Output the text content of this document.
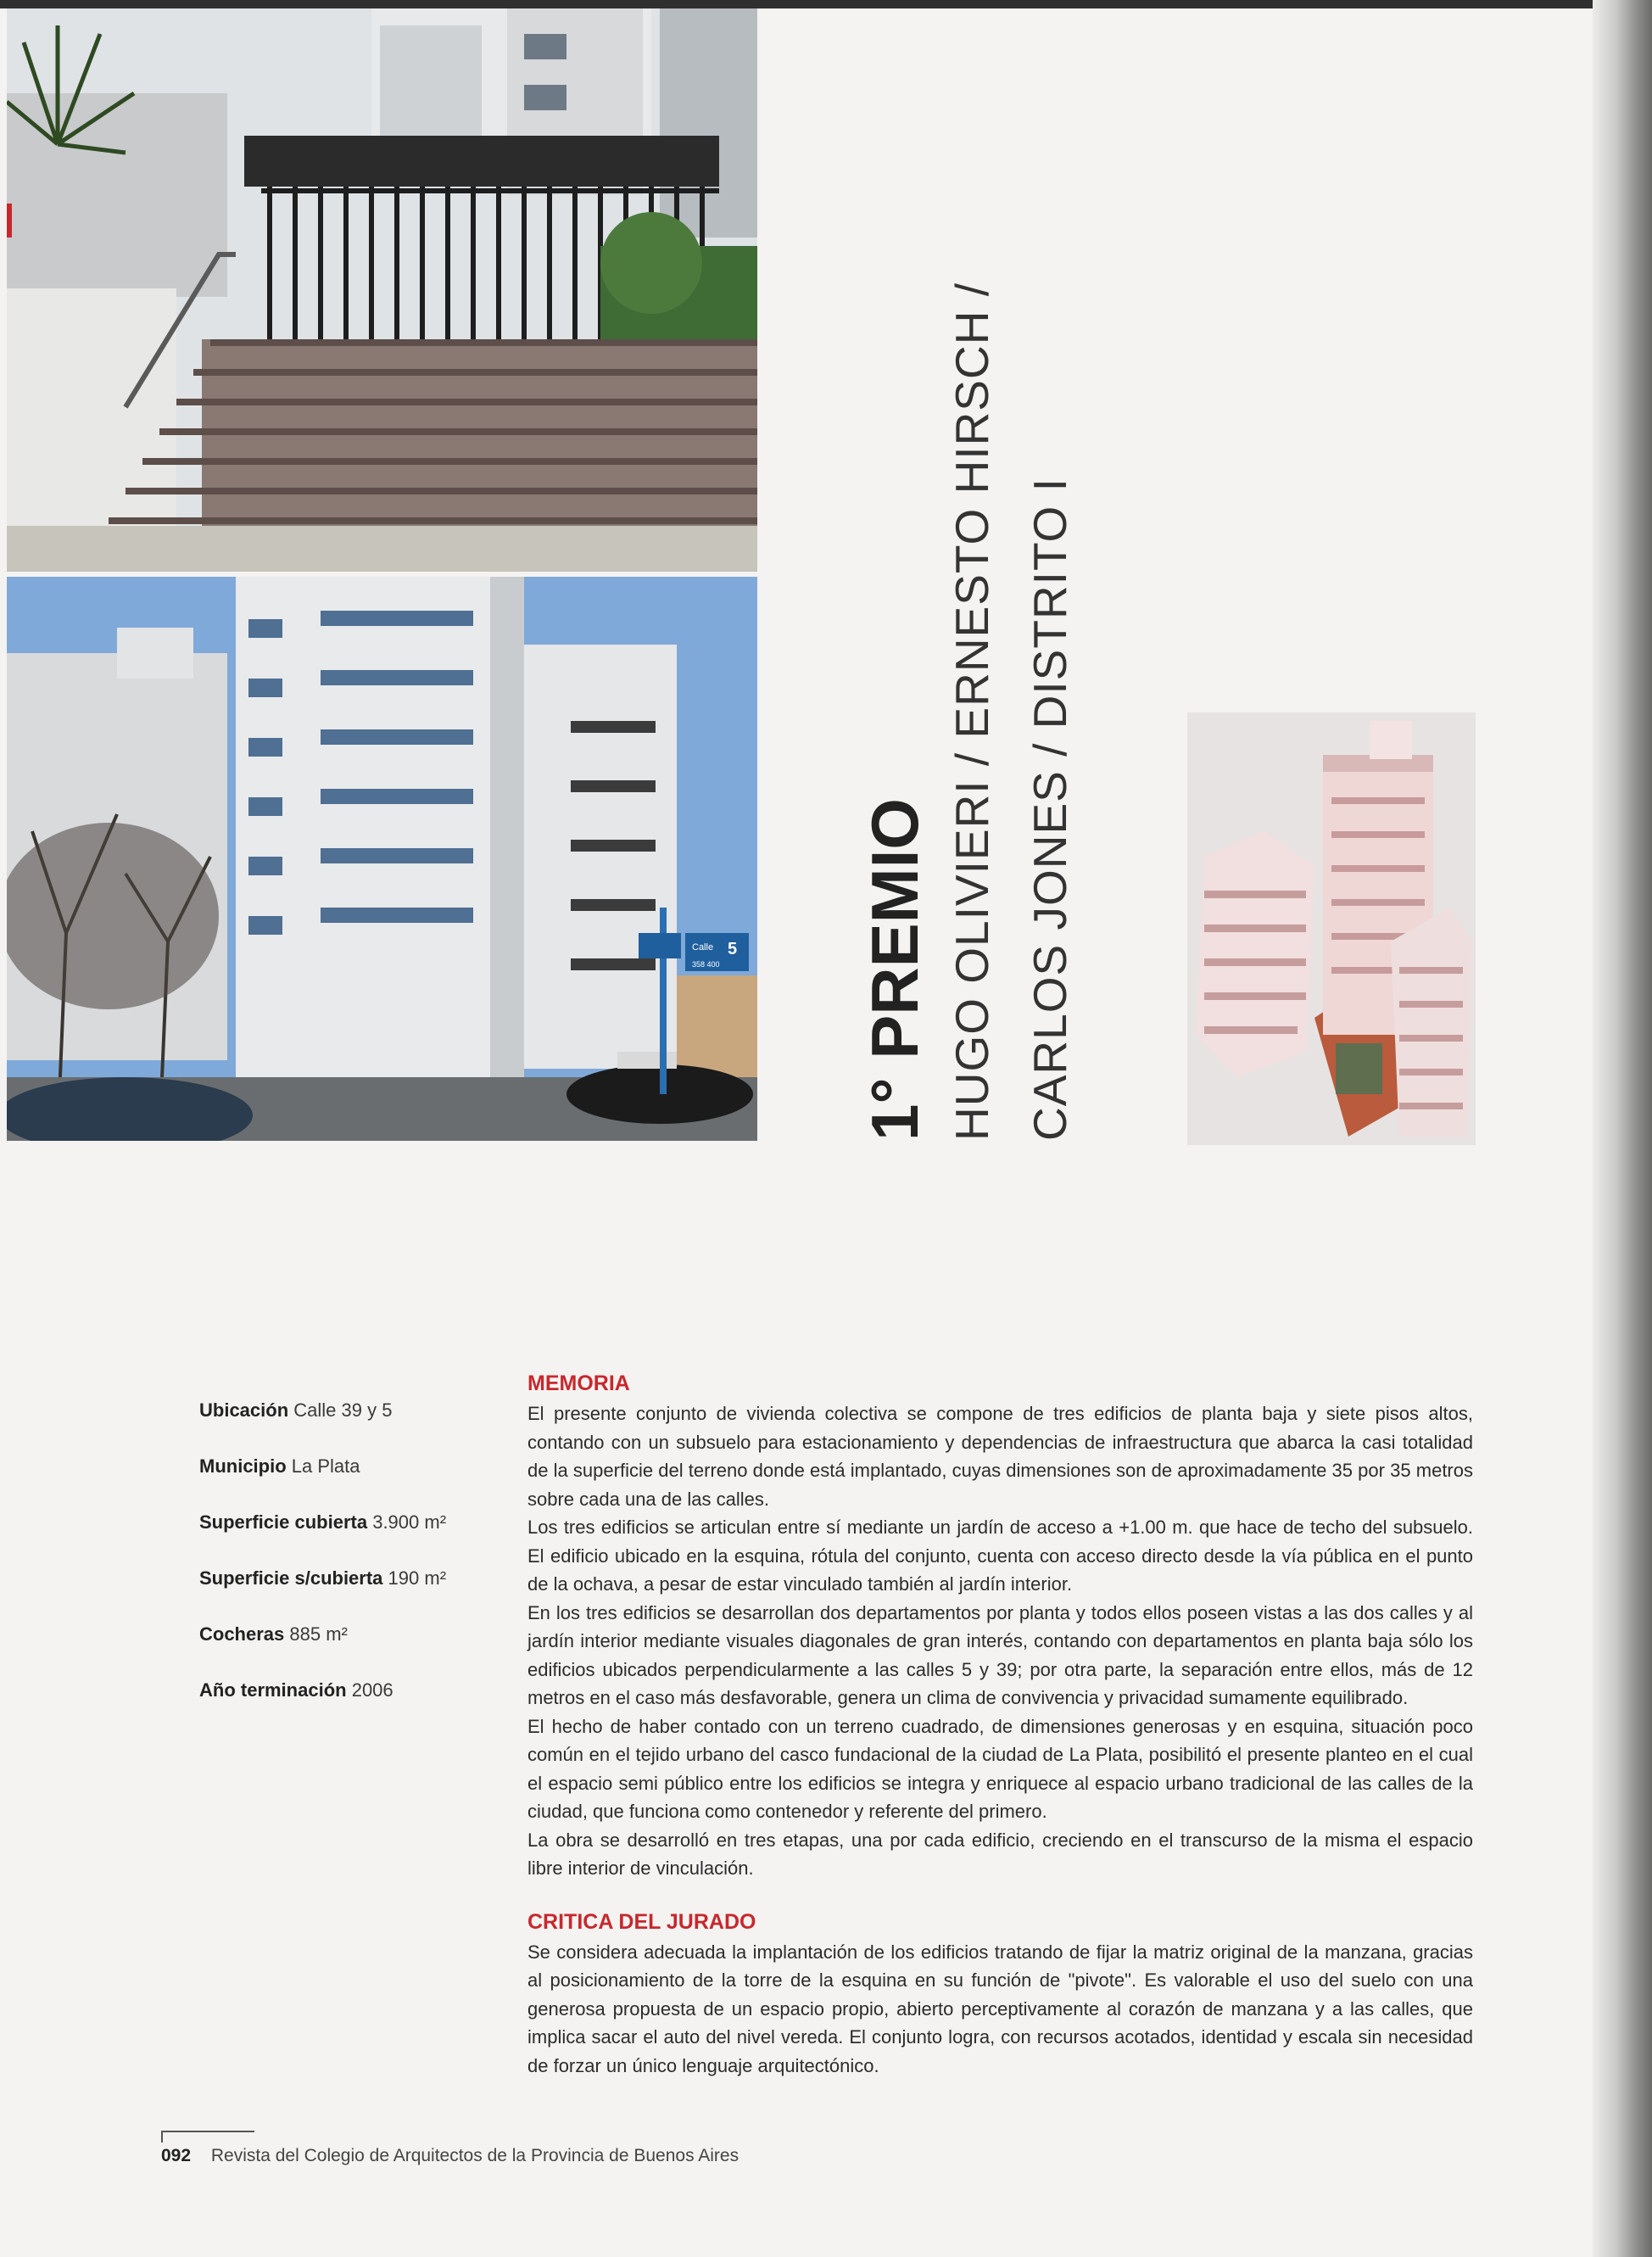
Calle 5
358 400 1° PREMIO HUGO OLIVIERI / ERNESTO HIRSCH / CARLOS JONES / DISTRITO I
Ubicación Calle 39 y 5
Municipio La Plata
Superficie cubierta 3.900 m²
Superficie s/cubierta 190 m²
Cocheras 885 m²
Año terminación 2006
MEMORIA

El presente conjunto de vivienda colectiva se compone de tres edificios de planta baja y siete pisos altos, contando con un subsuelo para estacionamiento y dependencias de infraestructura que abarca la casi totalidad de la superficie del terreno donde está implantado, cuyas dimensiones son de aproximadamente 35 por 35 metros sobre cada una de las calles.

Los tres edificios se articulan entre sí mediante un jardín de acceso a +1.00 m. que hace de techo del subsuelo. El edificio ubicado en la esquina, rótula del conjunto, cuenta con acceso directo desde la vía pública en el punto de la ochava, a pesar de estar vinculado también al jardín interior.

En los tres edificios se desarrollan dos departamentos por planta y todos ellos poseen vistas a las dos calles y al jardín interior mediante visuales diagonales de gran interés, contando con departamentos en planta baja sólo los edificios ubicados perpendicularmente a las calles 5 y 39; por otra parte, la separación entre ellos, más de 12 metros en el caso más desfavorable, genera un clima de convivencia y privacidad sumamente equilibrado.

El hecho de haber contado con un terreno cuadrado, de dimensiones generosas y en esquina, situación poco común en el tejido urbano del casco fundacional de la ciudad de La Plata, posibilitó el presente planteo en el cual el espacio semi público entre los edificios se integra y enriquece al espacio urbano tradicional de las calles de la ciudad, que funciona como contenedor y referente del primero.

La obra se desarrolló en tres etapas, una por cada edificio, creciendo en el transcurso de la misma el espacio libre interior de vinculación.

CRITICA DEL JURADO

Se considera adecuada la implantación de los edificios tratando de fijar la matriz original de la manzana, gracias al posicionamiento de la torre de la esquina en su función de "pivote". Es valorable el uso del suelo con una generosa propuesta de un espacio propio, abierto perceptivamente al corazón de manzana y a las calles, que implica sacar el auto del nivel vereda. El conjunto logra, con recursos acotados, identidad y escala sin necesidad de forzar un único lenguaje arquitectónico.

092 Revista del Colegio de Arquitectos de la Provincia de Buenos Aires
